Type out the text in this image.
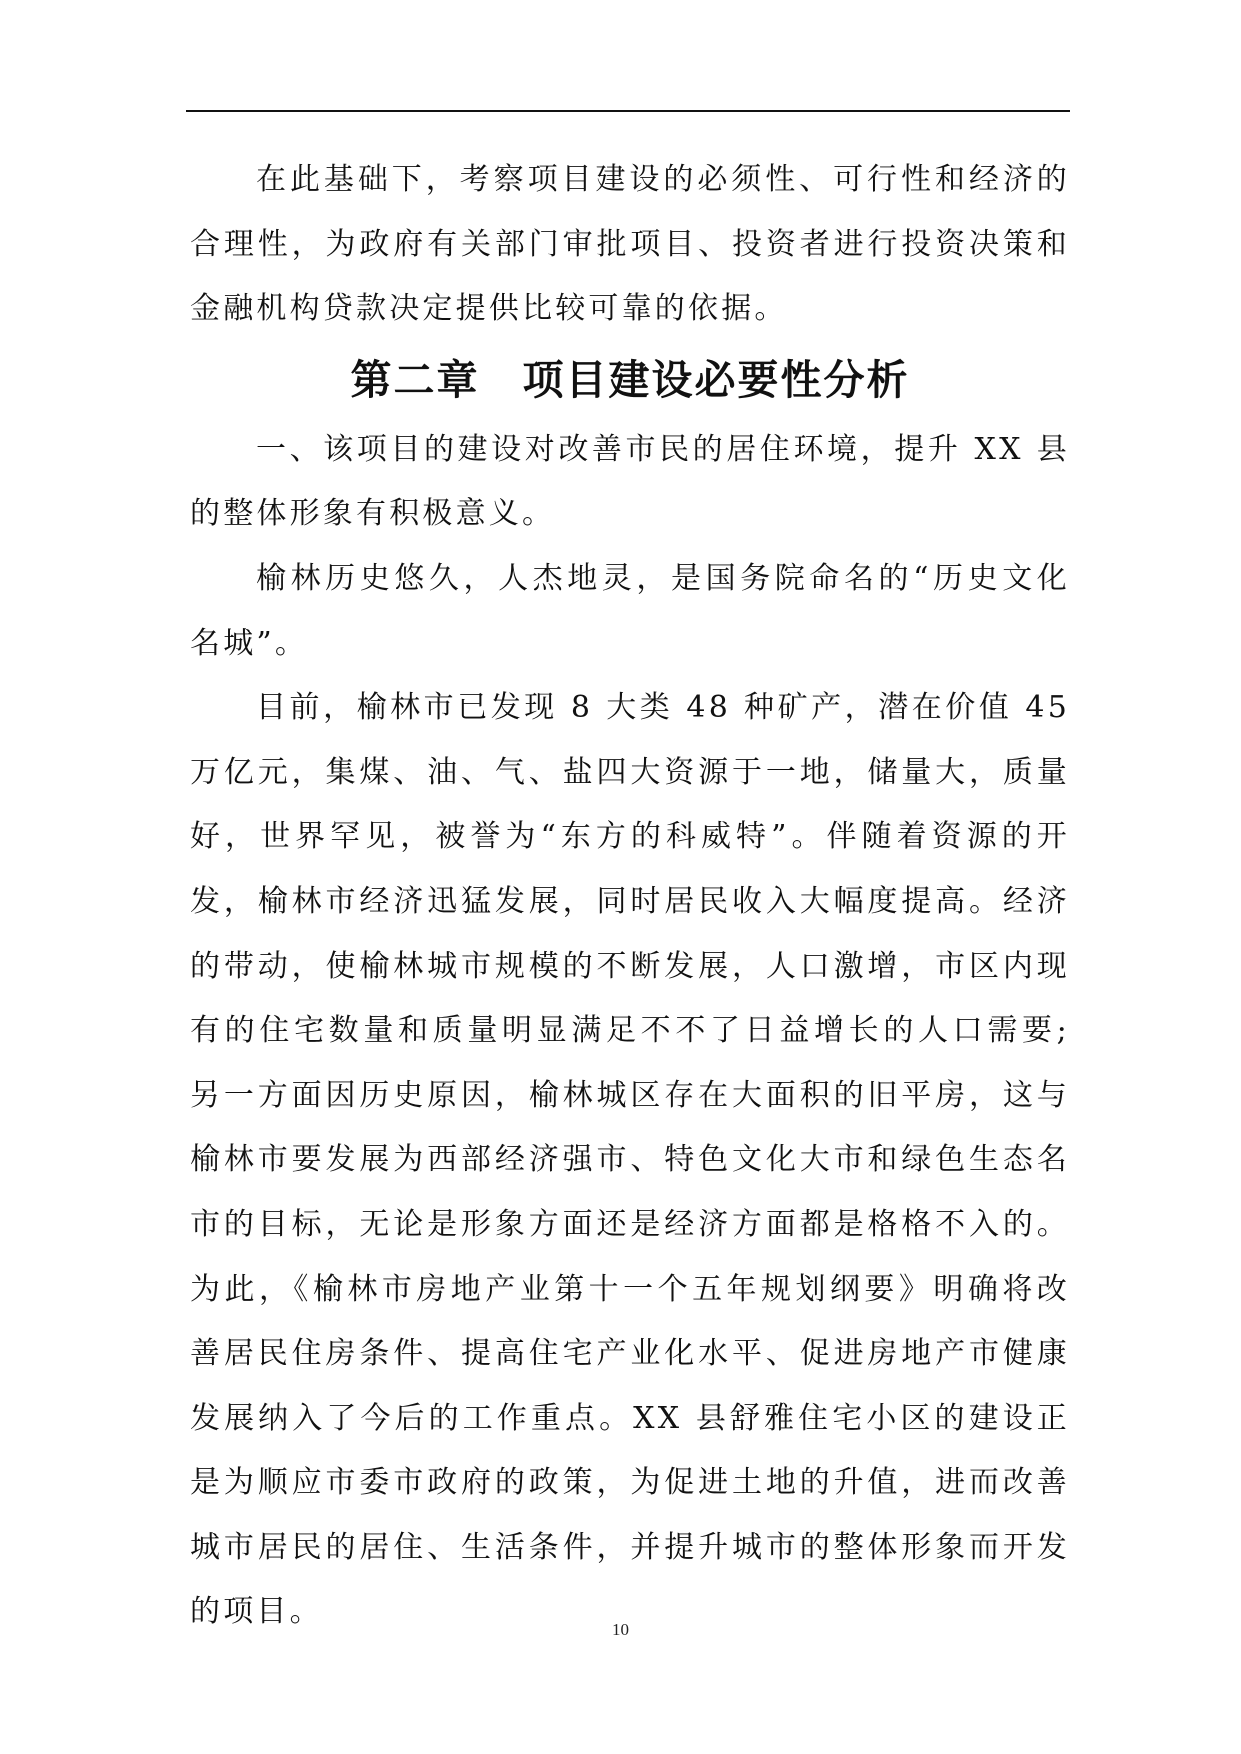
在此基础下，考察项目建设的必须性、可行性和经济的合理性，为政府有关部门审批项目、投资者进行投资决策和金融机构贷款决定提供比较可靠的依据。

第二章　项目建设必要性分析

一、该项目的建设对改善市民的居住环境，提升 XX 县的整体形象有积极意义。

榆林历史悠久，人杰地灵，是国务院命名的“历史文化名城”。

目前，榆林市已发现 8 大类 48 种矿产，潜在价值 45 万亿元，集煤、油、气、盐四大资源于一地，储量大，质量好，世界罕见，被誉为“东方的科威特”。伴随着资源的开发，榆林市经济迅猛发展，同时居民收入大幅度提高。经济的带动，使榆林城市规模的不断发展，人口激增，市区内现有的住宅数量和质量明显满足不不了日益增长的人口需要; 另一方面因历史原因，榆林城区存在大面积的旧平房，这与榆林市要发展为西部经济强市、特色文化大市和绿色生态名市的目标，无论是形象方面还是经济方面都是格格不入的。为此，《榆林市房地产业第十一个五年规划纲要》明确将改善居民住房条件、提高住宅产业化水平、促进房地产市健康发展纳入了今后的工作重点。XX 县舒雅住宅小区的建设正是为顺应市委市政府的政策，为促进土地的升值，进而改善城市居民的居住、生活条件，并提升城市的整体形象而开发的项目。

10
